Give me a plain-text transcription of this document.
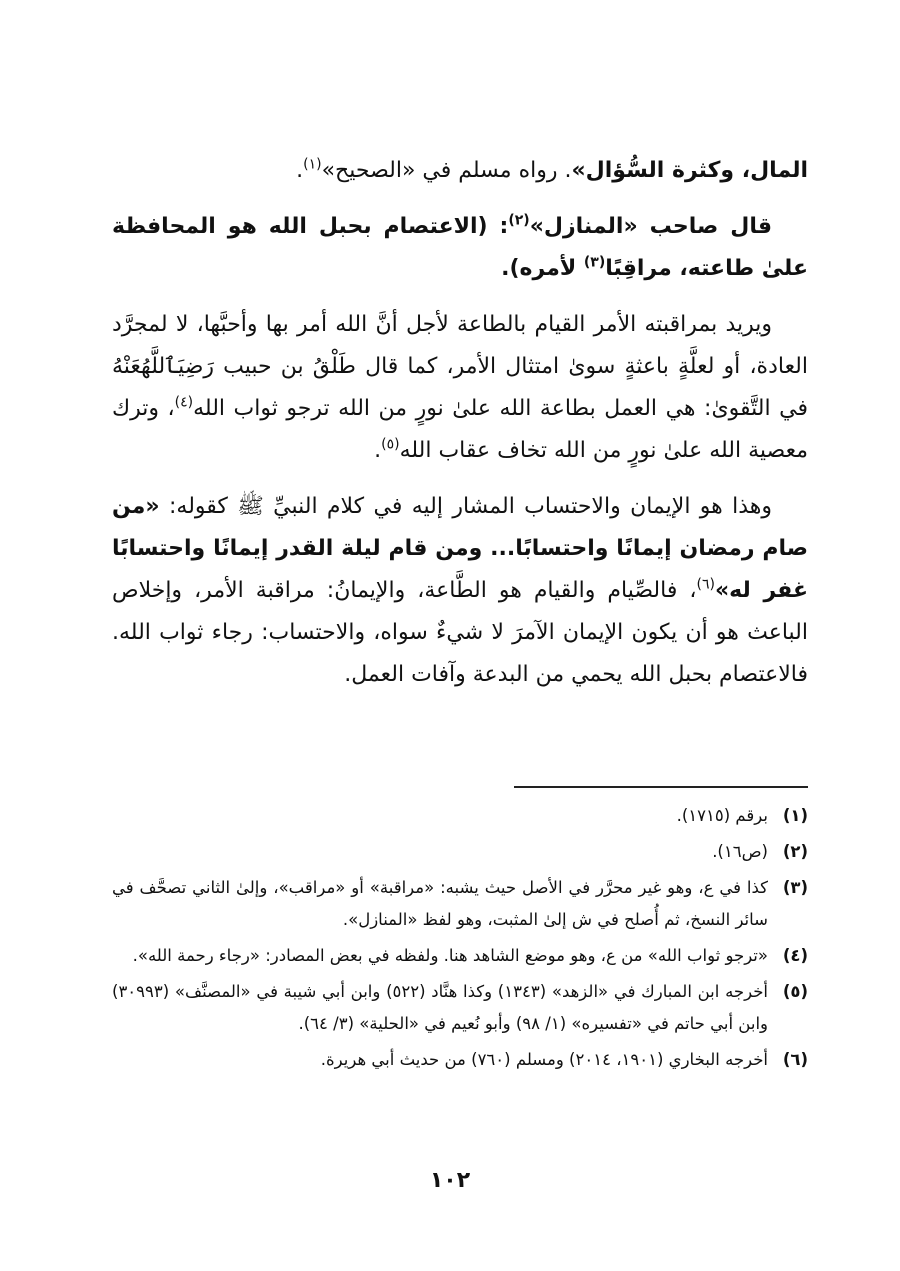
المال، وكثرة السُّؤال». رواه مسلم في «الصحيح»$^{(١)}$.

قال صاحب «المنازل»$^{(٢)}$: (الاعتصام بحبل الله هو المحافظة علىٰ طاعته، مراقِبًا$^{(٣)}$ لأمره).

ويريد بمراقبته الأمر القيام بالطاعة لأجل أنَّ الله أمر بها وأحبَّها، لا لمجرَّد العادة، أو لعلَّةٍ باعثةٍ سوىٰ امتثال الأمر، كما قال طَلْقُ بن حبيب رَضِيَٱللَّهُعَنْهُ في التَّقوىٰ: هي العمل بطاعة الله علىٰ نورٍ من الله ترجو ثواب الله$^{(٤)}$، وترك معصية الله علىٰ نورٍ من الله تخاف عقاب الله$^{(٥)}$.

وهذا هو الإيمان والاحتساب المشار إليه في كلام النبيِّ ﷺ كقوله: «من صام رمضان إيمانًا واحتسابًا... ومن قام ليلة القدر إيمانًا واحتسابًا غفر له»$^{(٦)}$، فالصِّيام والقيام هو الطَّاعة، والإيمانُ: مراقبة الأمر، وإخلاص الباعث هو أن يكون الإيمان الآمرَ لا شيءٌ سواه، والاحتساب: رجاء ثواب الله. فالاعتصام بحبل الله يحمي من البدعة وآفات العمل.

(١)
برقم (١٧١٥).
(٢)
(ص١٦).
(٣)
كذا في ع، وهو غير محرَّر في الأصل حيث يشبه: «مراقبة» أو «مراقب»، وإلىٰ الثاني تصحَّف في سائر النسخ، ثم أُصلح في ش إلىٰ المثبت، وهو لفظ «المنازل».
(٤)
«ترجو ثواب الله» من ع، وهو موضع الشاهد هنا. ولفظه في بعض المصادر: «رجاء رحمة الله».
(٥)
أخرجه ابن المبارك في «الزهد» (١٣٤٣) وكذا هنَّاد (٥٢٢) وابن أبي شيبة في «المصنَّف» (٣٠٩٩٣) وابن أبي حاتم في «تفسيره» (١/ ٩٨) وأبو نُعيم في «الحلية» (٣/ ٦٤).
(٦)
أخرجه البخاري (١٩٠١، ٢٠١٤) ومسلم (٧٦٠) من حديث أبي هريرة.
١٠٢
